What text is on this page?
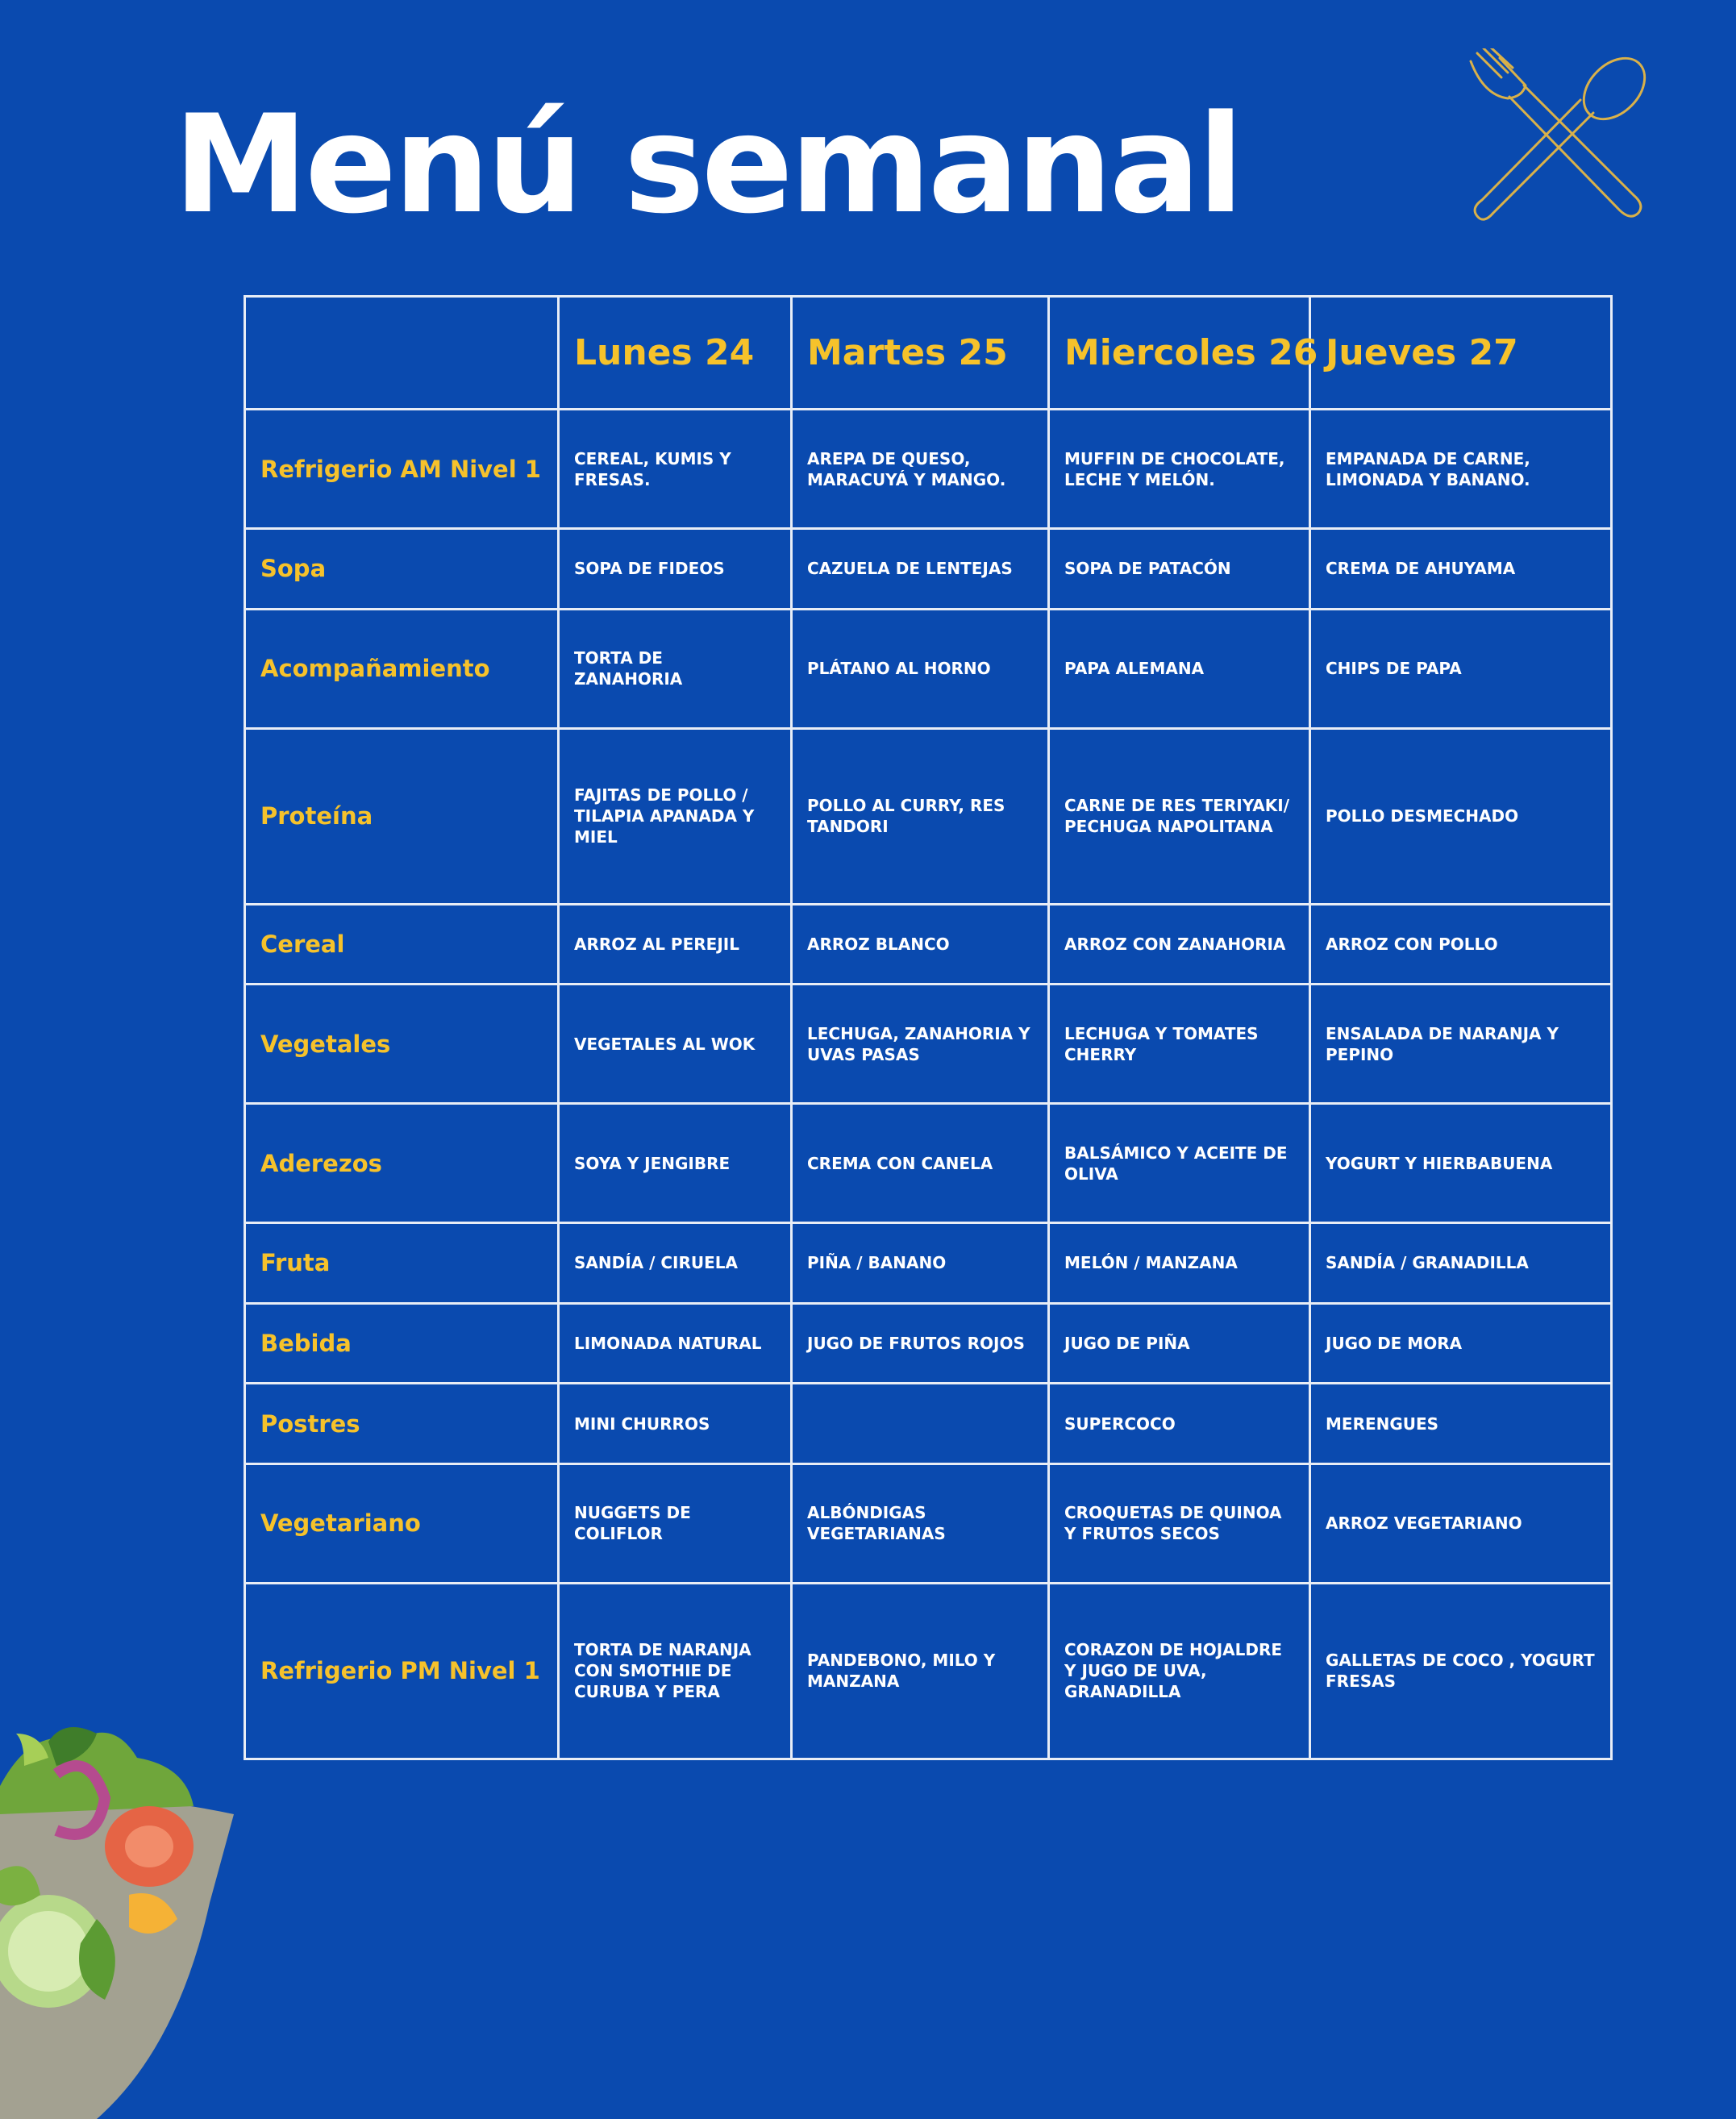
Menú semanal
	Lunes 24	Martes 25	Miercoles 26	Jueves 27
Refrigerio AM Nivel 1	CEREAL, KUMIS Y FRESAS.	AREPA DE QUESO, MARACUYÁ Y MANGO.	MUFFIN DE CHOCOLATE, LECHE Y MELÓN.	EMPANADA DE CARNE, LIMONADA Y BANANO.
Sopa	SOPA DE FIDEOS	CAZUELA DE LENTEJAS	SOPA DE PATACÓN	CREMA DE AHUYAMA
Acompañamiento	TORTA DE ZANAHORIA	PLÁTANO AL HORNO	PAPA ALEMANA	CHIPS DE PAPA
Proteína	FAJITAS DE POLLO / TILAPIA APANADA Y MIEL	POLLO AL CURRY, RES TANDORI	CARNE DE RES TERIYAKI/ PECHUGA NAPOLITANA	POLLO DESMECHADO
Cereal	ARROZ AL PEREJIL	ARROZ BLANCO	ARROZ CON ZANAHORIA	ARROZ CON POLLO
Vegetales	VEGETALES AL WOK	LECHUGA, ZANAHORIA Y UVAS PASAS	LECHUGA Y TOMATES CHERRY	ENSALADA DE NARANJA Y PEPINO
Aderezos	SOYA Y JENGIBRE	CREMA CON CANELA	BALSÁMICO Y ACEITE DE OLIVA	YOGURT Y HIERBABUENA
Fruta	SANDÍA / CIRUELA	PIÑA / BANANO	MELÓN / MANZANA	SANDÍA / GRANADILLA
Bebida	LIMONADA NATURAL	JUGO DE FRUTOS ROJOS	JUGO DE PIÑA	JUGO DE MORA
Postres	MINI CHURROS		SUPERCOCO	MERENGUES
Vegetariano	NUGGETS DE COLIFLOR	ALBÓNDIGAS VEGETARIANAS	CROQUETAS DE QUINOA Y FRUTOS SECOS	ARROZ VEGETARIANO
Refrigerio PM Nivel 1	TORTA DE NARANJA CON SMOTHIE DE CURUBA Y PERA	PANDEBONO, MILO Y MANZANA	CORAZON DE HOJALDRE Y JUGO DE UVA, GRANADILLA	GALLETAS DE COCO , YOGURT FRESAS
